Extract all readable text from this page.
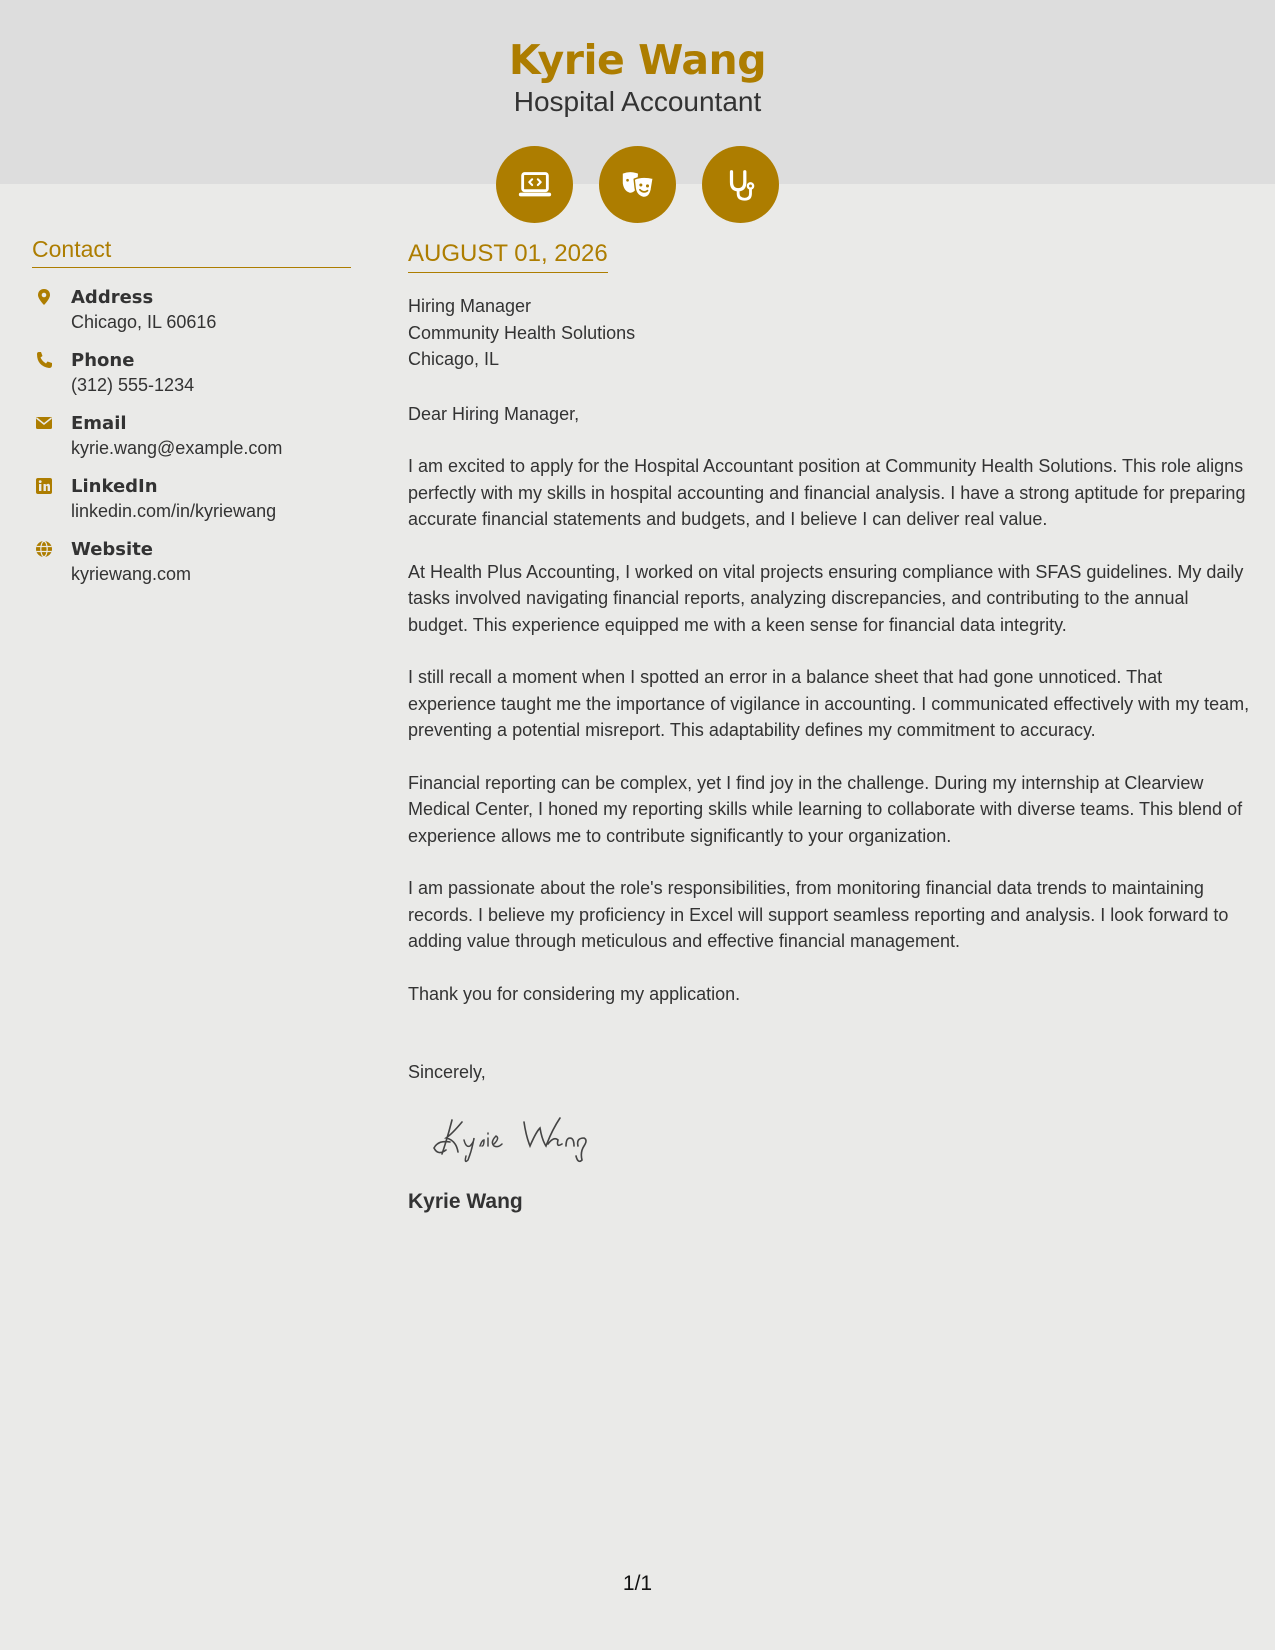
Kyrie Wang
Hospital Accountant
Contact
Address
Chicago, IL 60616
Phone
(312) 555-1234
Email
kyrie.wang@example.com
LinkedIn
linkedin.com/in/kyriewang
Website
kyriewang.com
AUGUST 01, 2026
Hiring Manager
Community Health Solutions
Chicago, IL
Dear Hiring Manager,
I am excited to apply for the Hospital Accountant position at Community Health Solutions. This role aligns perfectly with my skills in hospital accounting and financial analysis. I have a strong aptitude for preparing accurate financial statements and budgets, and I believe I can deliver real value.
At Health Plus Accounting, I worked on vital projects ensuring compliance with SFAS guidelines. My daily tasks involved navigating financial reports, analyzing discrepancies, and contributing to the annual budget. This experience equipped me with a keen sense for financial data integrity.
I still recall a moment when I spotted an error in a balance sheet that had gone unnoticed. That experience taught me the importance of vigilance in accounting. I communicated effectively with my team, preventing a potential misreport. This adaptability defines my commitment to accuracy.
Financial reporting can be complex, yet I find joy in the challenge. During my internship at Clearview Medical Center, I honed my reporting skills while learning to collaborate with diverse teams. This blend of experience allows me to contribute significantly to your organization.
I am passionate about the role's responsibilities, from monitoring financial data trends to maintaining records. I believe my proficiency in Excel will support seamless reporting and analysis. I look forward to adding value through meticulous and effective financial management.
Thank you for considering my application.
Sincerely,
Kyrie Wang
1/1
